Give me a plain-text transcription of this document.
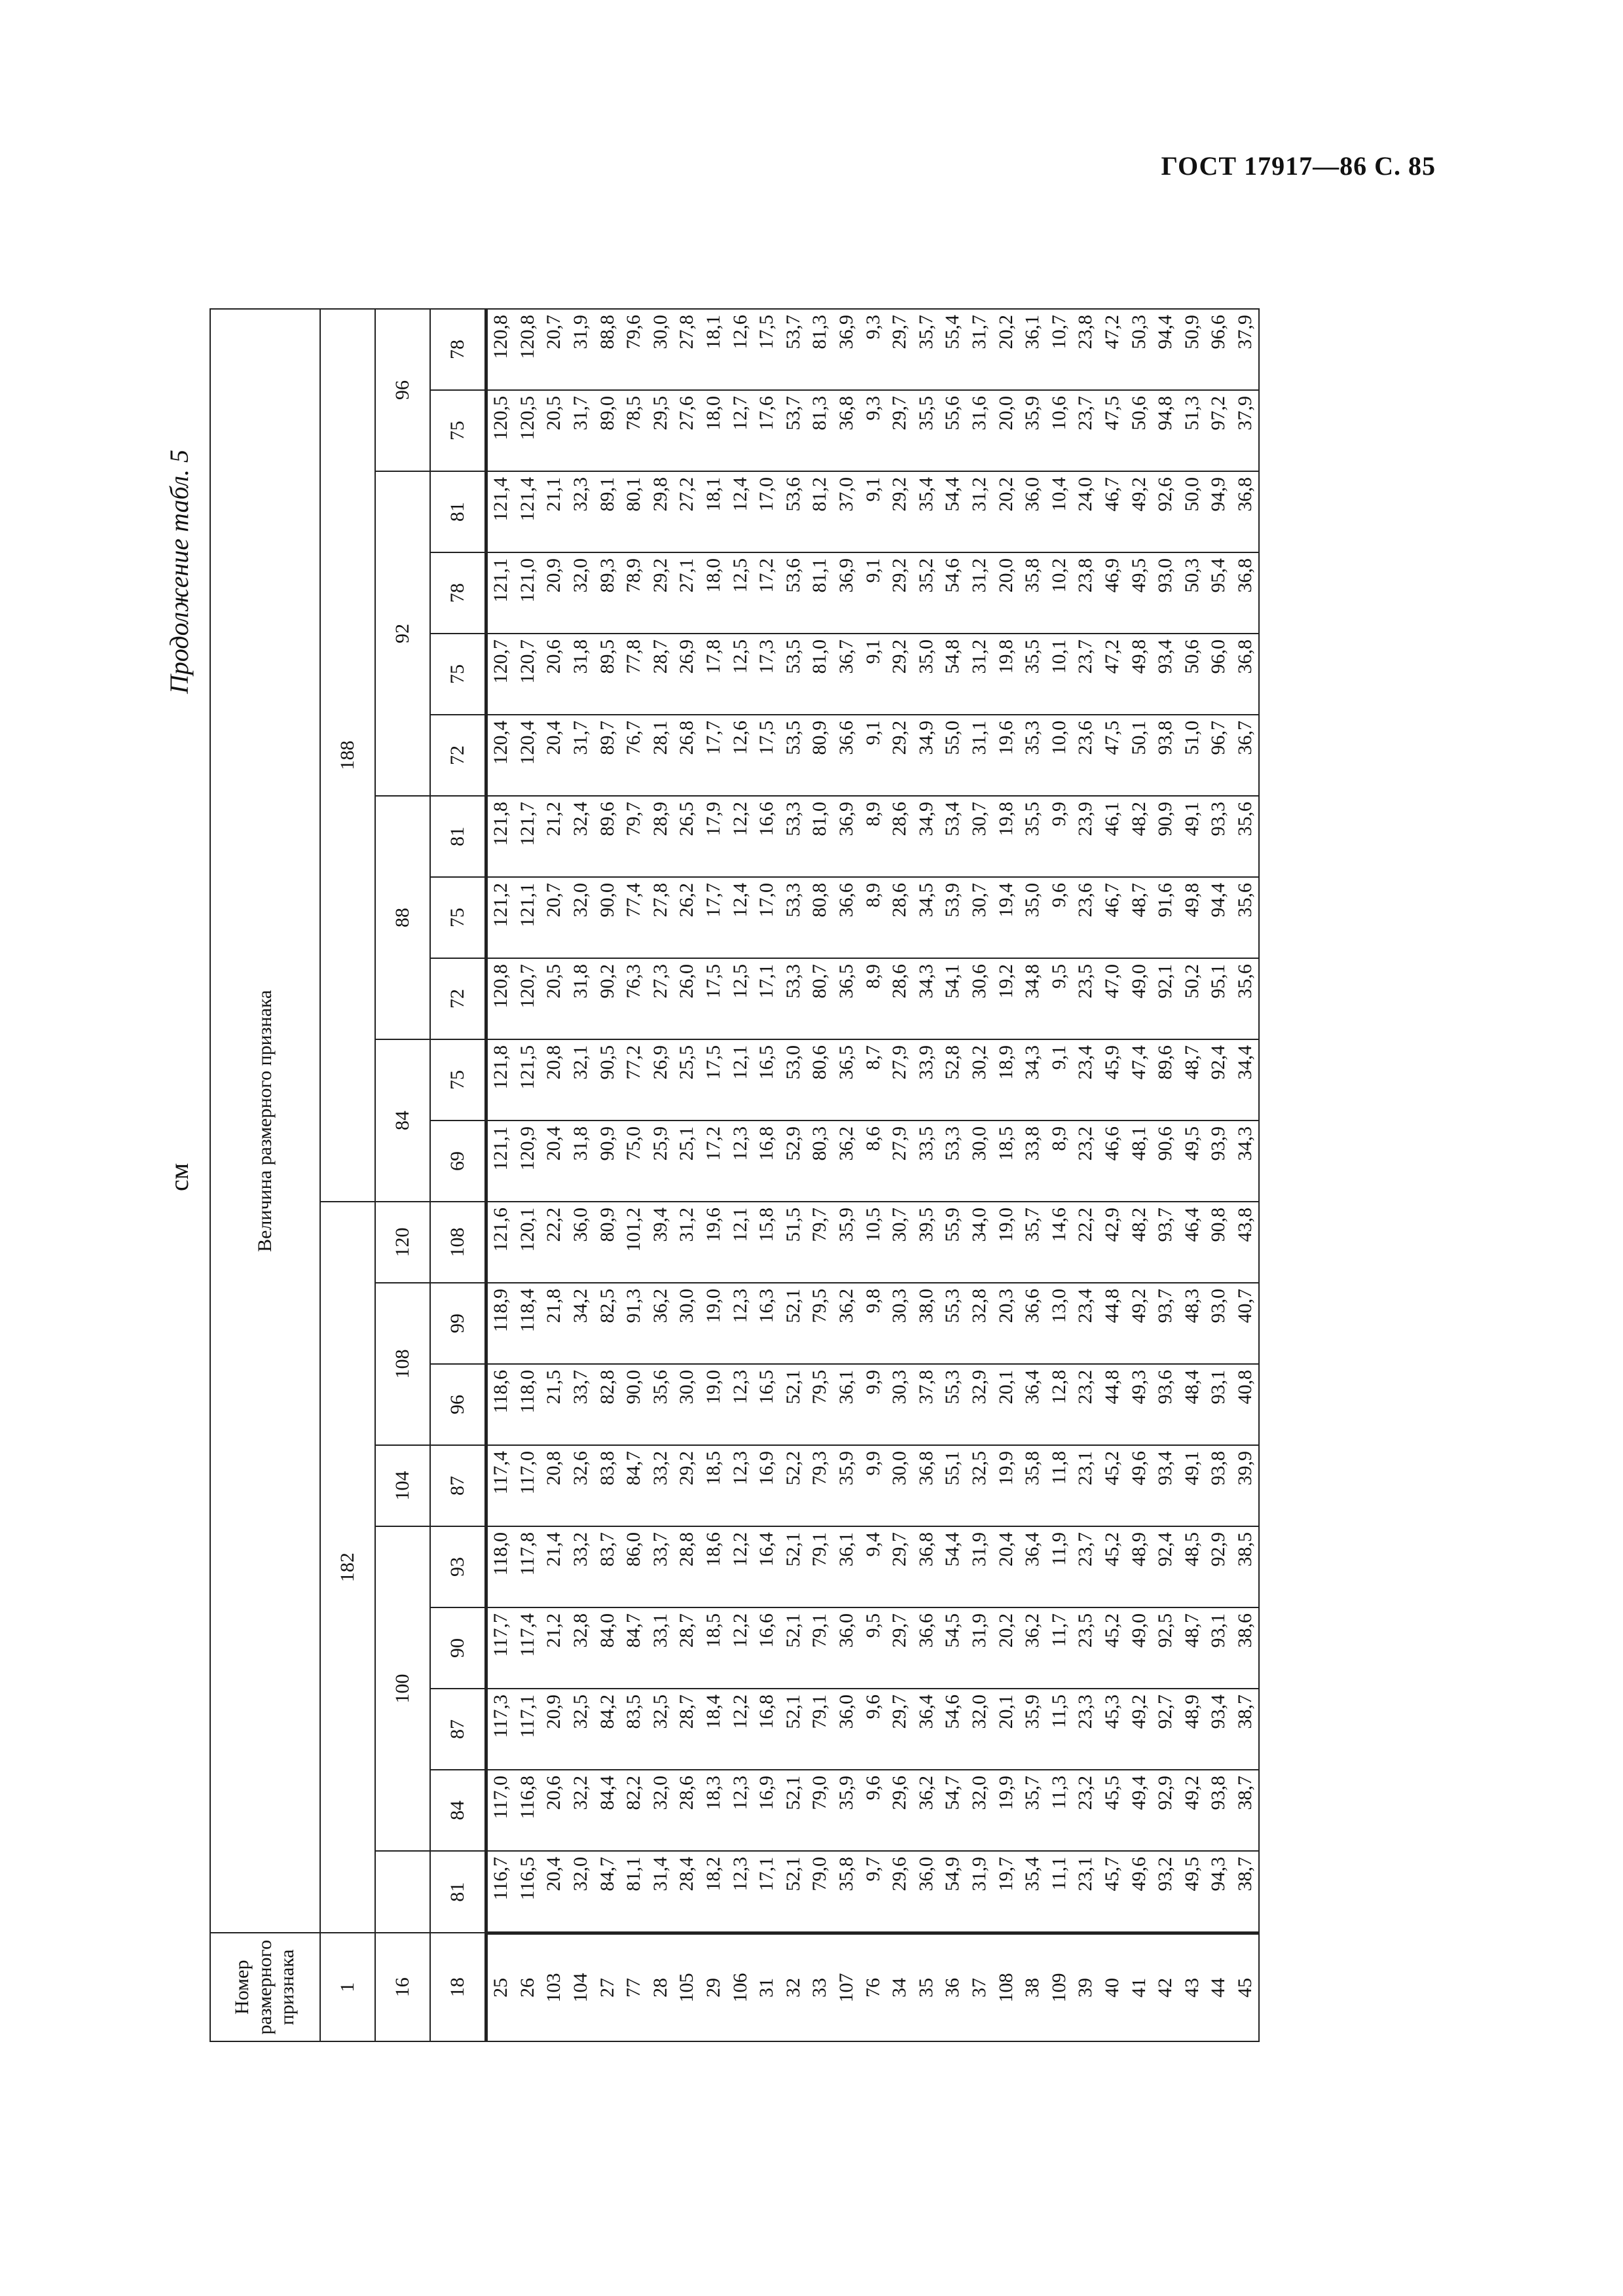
ГОСТ 17917—86 С. 85
см
Продолжение табл. 5
Номер размерного признака	Величина размерного признака																			

1	182									188										
16		100				104	108		120	84		88			92				96	
18	81	84	87	90	93	87	96	99	108	69	75	72	75	81	72	75	78	81	75	78
25	116,7	117,0	117,3	117,7	118,0	117,4	118,6	118,9	121,6	121,1	121,8	120,8	121,2	121,8	120,4	120,7	121,1	121,4	120,5	120,8
26	116,5	116,8	117,1	117,4	117,8	117,0	118,0	118,4	120,1	120,9	121,5	120,7	121,1	121,7	120,4	120,7	121,0	121,4	120,5	120,8
103	20,4	20,6	20,9	21,2	21,4	20,8	21,5	21,8	22,2	20,4	20,8	20,5	20,7	21,2	20,4	20,6	20,9	21,1	20,5	20,7
104	32,0	32,2	32,5	32,8	33,2	32,6	33,7	34,2	36,0	31,8	32,1	31,8	32,0	32,4	31,7	31,8	32,0	32,3	31,7	31,9
27	84,7	84,4	84,2	84,0	83,7	83,8	82,8	82,5	80,9	90,9	90,5	90,2	90,0	89,6	89,7	89,5	89,3	89,1	89,0	88,8
77	81,1	82,2	83,5	84,7	86,0	84,7	90,0	91,3	101,2	75,0	77,2	76,3	77,4	79,7	76,7	77,8	78,9	80,1	78,5	79,6
28	31,4	32,0	32,5	33,1	33,7	33,2	35,6	36,2	39,4	25,9	26,9	27,3	27,8	28,9	28,1	28,7	29,2	29,8	29,5	30,0
105	28,4	28,6	28,7	28,7	28,8	29,2	30,0	30,0	31,2	25,1	25,5	26,0	26,2	26,5	26,8	26,9	27,1	27,2	27,6	27,8
29	18,2	18,3	18,4	18,5	18,6	18,5	19,0	19,0	19,6	17,2	17,5	17,5	17,7	17,9	17,7	17,8	18,0	18,1	18,0	18,1
106	12,3	12,3	12,2	12,2	12,2	12,3	12,3	12,3	12,1	12,3	12,1	12,5	12,4	12,2	12,6	12,5	12,5	12,4	12,7	12,6
31	17,1	16,9	16,8	16,6	16,4	16,9	16,5	16,3	15,8	16,8	16,5	17,1	17,0	16,6	17,5	17,3	17,2	17,0	17,6	17,5
32	52,1	52,1	52,1	52,1	52,1	52,2	52,1	52,1	51,5	52,9	53,0	53,3	53,3	53,3	53,5	53,5	53,6	53,6	53,7	53,7
33	79,0	79,0	79,1	79,1	79,1	79,3	79,5	79,5	79,7	80,3	80,6	80,7	80,8	81,0	80,9	81,0	81,1	81,2	81,3	81,3
107	35,8	35,9	36,0	36,0	36,1	35,9	36,1	36,2	35,9	36,2	36,5	36,5	36,6	36,9	36,6	36,7	36,9	37,0	36,8	36,9
76	9,7	9,6	9,6	9,5	9,4	9,9	9,9	9,8	10,5	8,6	8,7	8,9	8,9	8,9	9,1	9,1	9,1	9,1	9,3	9,3
34	29,6	29,6	29,7	29,7	29,7	30,0	30,3	30,3	30,7	27,9	27,9	28,6	28,6	28,6	29,2	29,2	29,2	29,2	29,7	29,7
35	36,0	36,2	36,4	36,6	36,8	36,8	37,8	38,0	39,5	33,5	33,9	34,3	34,5	34,9	34,9	35,0	35,2	35,4	35,5	35,7
36	54,9	54,7	54,6	54,5	54,4	55,1	55,3	55,3	55,9	53,3	52,8	54,1	53,9	53,4	55,0	54,8	54,6	54,4	55,6	55,4
37	31,9	32,0	32,0	31,9	31,9	32,5	32,9	32,8	34,0	30,0	30,2	30,6	30,7	30,7	31,1	31,2	31,2	31,2	31,6	31,7
108	19,7	19,9	20,1	20,2	20,4	19,9	20,1	20,3	19,0	18,5	18,9	19,2	19,4	19,8	19,6	19,8	20,0	20,2	20,0	20,2
38	35,4	35,7	35,9	36,2	36,4	35,8	36,4	36,6	35,7	33,8	34,3	34,8	35,0	35,5	35,3	35,5	35,8	36,0	35,9	36,1
109	11,1	11,3	11,5	11,7	11,9	11,8	12,8	13,0	14,6	8,9	9,1	9,5	9,6	9,9	10,0	10,1	10,2	10,4	10,6	10,7
39	23,1	23,2	23,3	23,5	23,7	23,1	23,2	23,4	22,2	23,2	23,4	23,5	23,6	23,9	23,6	23,7	23,8	24,0	23,7	23,8
40	45,7	45,5	45,3	45,2	45,2	45,2	44,8	44,8	42,9	46,6	45,9	47,0	46,7	46,1	47,5	47,2	46,9	46,7	47,5	47,2
41	49,6	49,4	49,2	49,0	48,9	49,6	49,3	49,2	48,2	48,1	47,4	49,0	48,7	48,2	50,1	49,8	49,5	49,2	50,6	50,3
42	93,2	92,9	92,7	92,5	92,4	93,4	93,6	93,7	93,7	90,6	89,6	92,1	91,6	90,9	93,8	93,4	93,0	92,6	94,8	94,4
43	49,5	49,2	48,9	48,7	48,5	49,1	48,4	48,3	46,4	49,5	48,7	50,2	49,8	49,1	51,0	50,6	50,3	50,0	51,3	50,9
44	94,3	93,8	93,4	93,1	92,9	93,8	93,1	93,0	90,8	93,9	92,4	95,1	94,4	93,3	96,7	96,0	95,4	94,9	97,2	96,6
45	38,7	38,7	38,7	38,6	38,5	39,9	40,8	40,7	43,8	34,3	34,4	35,6	35,6	35,6	36,7	36,8	36,8	36,8	37,9	37,9
